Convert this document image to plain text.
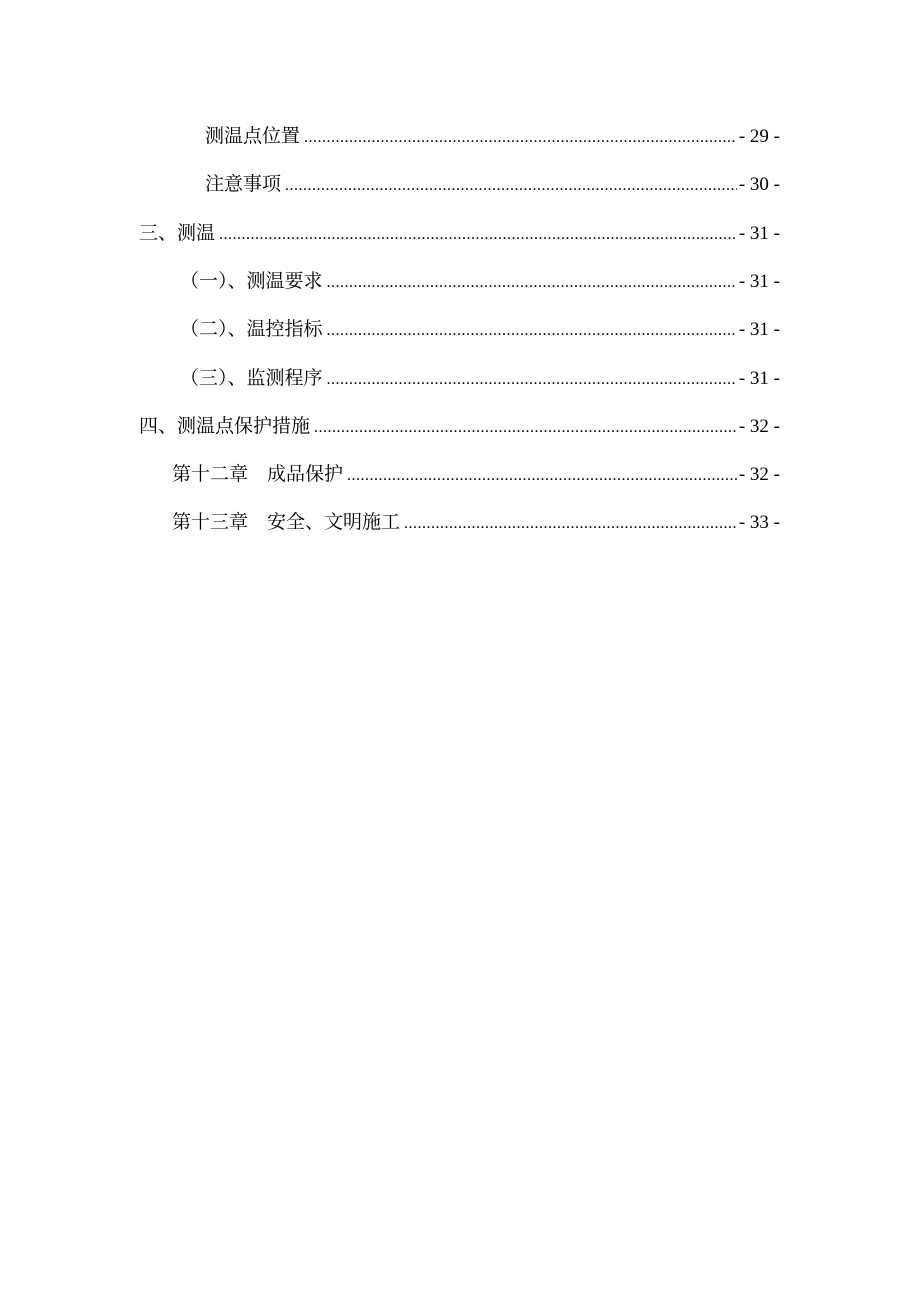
测温点位置 .....	- 29 -
注意事项 .....	- 30 -
三、测温 .....	- 31 -
（一）、测温要求 .....	- 31 -
（二）、温控指标 .....	- 31 -
（三）、监测程序 .....	- 31 -
四、测温点保护措施 .....	- 32 -
第十二章　成品保护 .....	- 32 -
第十三章　安全、文明施工 .....	- 33 -
